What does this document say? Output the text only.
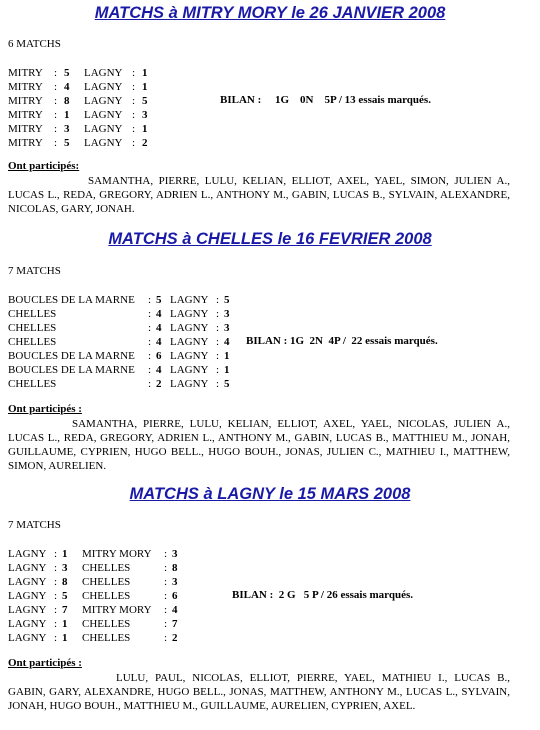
MATCHS à MITRY MORY le 26 JANVIER 2008
6 MATCHS
MITRY	: 5	LAGNY : 1
MITRY	: 4	LAGNY : 1
MITRY	: 8	LAGNY : 5
MITRY	: 1	LAGNY : 3
MITRY	: 3	LAGNY : 1
MITRY	: 5	LAGNY : 2
BILAN :     1G    0N    5P / 13 essais marqués.
Ont participés:
SAMANTHA, PIERRE, LULU, KELIAN, ELLIOT, AXEL, YAEL, SIMON, JULIEN A., LUCAS L., REDA, GREGORY, ADRIEN L., ANTHONY M., GABIN, LUCAS B., SYLVAIN, ALEXANDRE, NICOLAS, GARY, JONAH.
MATCHS à CHELLES le 16 FEVRIER 2008
7 MATCHS
BOUCLES DE LA MARNE	: 5 LAGNY : 5
CHELLES	: 4 LAGNY : 3
CHELLES	: 4 LAGNY : 3
CHELLES	: 4 LAGNY : 4
BOUCLES DE LA MARNE	: 6 LAGNY : 1
BOUCLES DE LA MARNE	: 4 LAGNY : 1
CHELLES	: 2 LAGNY : 5
BILAN : 1G  2N  4P /  22 essais marqués.
Ont participés :
SAMANTHA, PIERRE, LULU, KELIAN, ELLIOT, AXEL, YAEL, NICOLAS, JULIEN A., LUCAS L., REDA, GREGORY, ADRIEN L., ANTHONY M., GABIN, LUCAS B., MATTHIEU M., JONAH, GUILLAUME, CYPRIEN, HUGO BELL., HUGO BOUH., JONAS, JULIEN C., MATHIEU I., MATTHEW, SIMON, AURELIEN.
MATCHS à LAGNY le 15 MARS 2008
7 MATCHS
LAGNY : 1	MITRY MORY	: 3
LAGNY : 3	CHELLES	: 8
LAGNY : 8	CHELLES	: 3
LAGNY : 5	CHELLES	: 6
LAGNY : 7	MITRY MORY	: 4
LAGNY : 1	CHELLES	: 7
LAGNY : 1	CHELLES	: 2
BILAN :  2 G   5 P / 26 essais marqués.
Ont participés :
LULU, PAUL, NICOLAS, ELLIOT, PIERRE, YAEL, MATHIEU I., LUCAS B., GABIN, GARY, ALEXANDRE, HUGO BELL., JONAS, MATTHEW, ANTHONY M., LUCAS L., SYLVAIN, JONAH, HUGO BOUH., MATTHIEU M., GUILLAUME, AURELIEN, CYPRIEN, AXEL.
